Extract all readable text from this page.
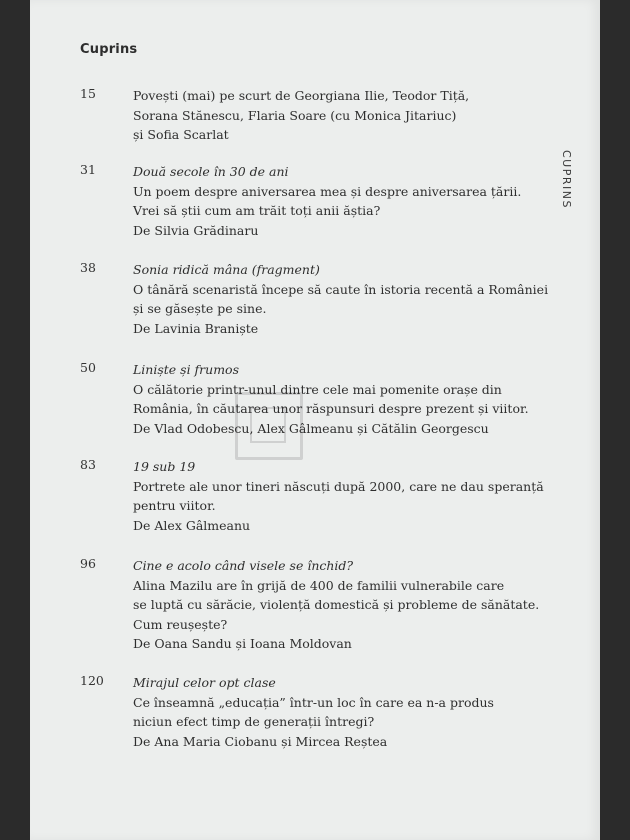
Cuprins
CUPRINS
15	Povești (mai) pe scurt de Georgiana Ilie, Teodor Tiță,
Sorana Stănescu, Flaria Soare (cu Monica Jitariuc)
și Sofia Scarlat
31	Două secole în 30 de ani
Un poem despre aniversarea mea și despre aniversarea țării.
Vrei să știi cum am trăit toți anii ăștia?
De Silvia Grădinaru
38	Sonia ridică mâna (fragment)
O tânără scenaristă începe să caute în istoria recentă a României
și se găsește pe sine.
De Lavinia Braniște
50	Liniște și frumos
O călătorie printr-unul dintre cele mai pomenite orașe din
România, în căutarea unor răspunsuri despre prezent și viitor.
De Vlad Odobescu, Alex Gâlmeanu și Cătălin Georgescu
83	19 sub 19
Portrete ale unor tineri născuți după 2000, care ne dau speranță
pentru viitor.
De Alex Gâlmeanu
96	Cine e acolo când visele se închid?
Alina Mazilu are în grijă de 400 de familii vulnerabile care
se luptă cu sărăcie, violență domestică și probleme de sănătate.
Cum reușește?
De Oana Sandu și Ioana Moldovan
120 Mirajul celor opt clase
Ce înseamnă „educația” într-un loc în care ea n-a produs
niciun efect timp de generații întregi?
De Ana Maria Ciobanu și Mircea Reștea
